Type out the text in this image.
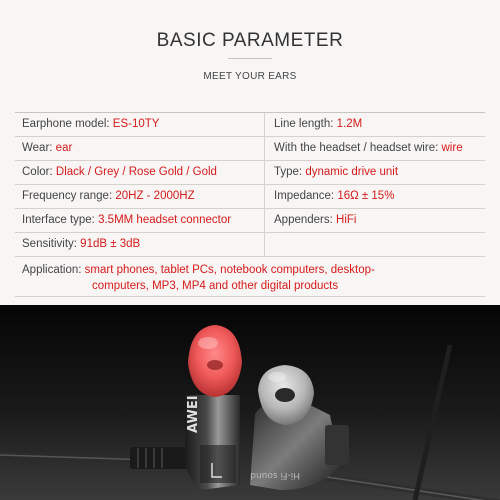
BASIC PARAMETER
MEET YOUR EARS
Earphone model: ES-10TY	Line length: 1.2M
Wear: ear	With the headset / headset wire: wire
Color: Dlack / Grey / Rose Gold / Gold	Type: dynamic drive unit
Frequency range: 20HZ - 2000HZ	Impedance: 16Ω ± 15%
Interface type: 3.5MM headset connector	Appenders: HiFi
Sensitivity: 91dB ± 3dB
Application: smart phones, tablet PCs, notebook computers, desktop-
computers, MP3, MP4 and other digital products
AWEI
Hi-Fi sound
